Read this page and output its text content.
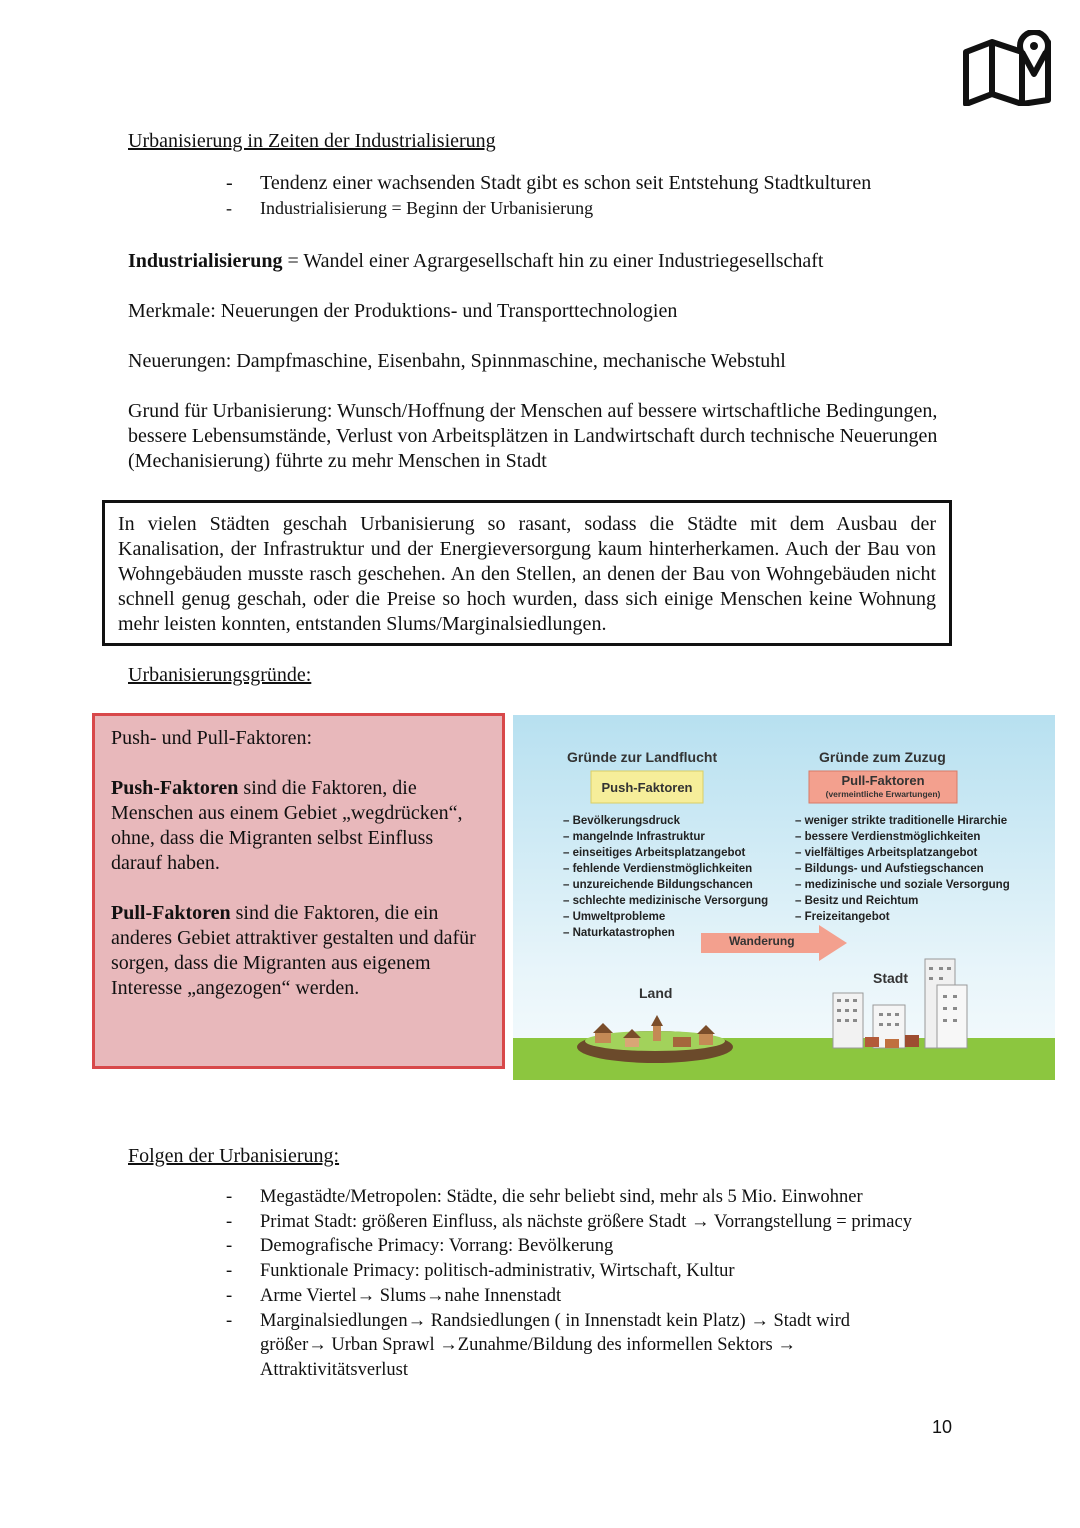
Urbanisierung in Zeiten der Industrialisierung
- Tendenz einer wachsenden Stadt gibt es schon seit Entstehung Stadtkulturen
- Industrialisierung = Beginn der Urbanisierung
Industrialisierung = Wandel einer Agrargesellschaft hin zu einer Industriegesellschaft
Merkmale: Neuerungen der Produktions- und Transporttechnologien
Neuerungen: Dampfmaschine, Eisenbahn, Spinnmaschine, mechanische Webstuhl
Grund für Urbanisierung: Wunsch/Hoffnung der Menschen auf bessere wirtschaftliche Bedingungen, bessere Lebensumstände, Verlust von Arbeitsplätzen in Landwirtschaft durch technische Neuerungen (Mechanisierung) führte zu mehr Menschen in Stadt
In vielen Städten geschah Urbanisierung so rasant, sodass die Städte mit dem Ausbau der Kanalisation, der Infrastruktur und der Energieversorgung kaum hinterherkamen. Auch der Bau von Wohngebäuden musste rasch geschehen. An den Stellen, an denen der Bau von Wohngebäuden nicht schnell genug geschah, oder die Preise so hoch wurden, dass sich einige Menschen keine Wohnung mehr leisten konnten, entstanden Slums/Marginalsiedlungen.
Urbanisierungsgründe:
Push- und Pull-Faktoren:
Push-Faktoren sind die Faktoren, die Menschen aus einem Gebiet „wegdrücken“, ohne, dass die Migranten selbst Einfluss darauf haben.
Pull-Faktoren sind die Faktoren, die ein anderes Gebiet attraktiver gestalten und dafür sorgen, dass die Migranten aus eigenem Interesse „angezogen“ werden.
Gründe zur Landflucht	Gründe zum Zuzug
Push-Faktoren	Pull-Faktoren
(vermeintliche Erwartungen)
– Bevölkerungsdruck
– mangelnde Infrastruktur
– einseitiges Arbeitsplatzangebot
– fehlende Verdienstmöglichkeiten
– unzureichende Bildungschancen
– schlechte medizinische Versorgung
– Umweltprobleme
– Naturkatastrophen
– weniger strikte traditionelle Hirarchie
– bessere Verdienstmöglichkeiten
– vielfältiges Arbeitsplatzangebot
– Bildungs- und Aufstiegschancen
– medizinische und soziale Versorgung
– Besitz und Reichtum
– Freizeitangebot
Wanderung
Land
Stadt
Folgen der Urbanisierung:
- Megastädte/Metropolen: Städte, die sehr beliebt sind, mehr als 5 Mio. Einwohner
- Primat Stadt: größeren Einfluss, als nächste größere Stadt → Vorrangstellung = primacy
- Demografische Primacy: Vorrang: Bevölkerung
- Funktionale Primacy: politisch-administrativ, Wirtschaft, Kultur
- Arme Viertel→ Slums→nahe Innenstadt
- Marginalsiedlungen→ Randsiedlungen ( in Innenstadt kein Platz) → Stadt wird größer→ Urban Sprawl →Zunahme/Bildung des informellen Sektors → Attraktivitätsverlust
10
